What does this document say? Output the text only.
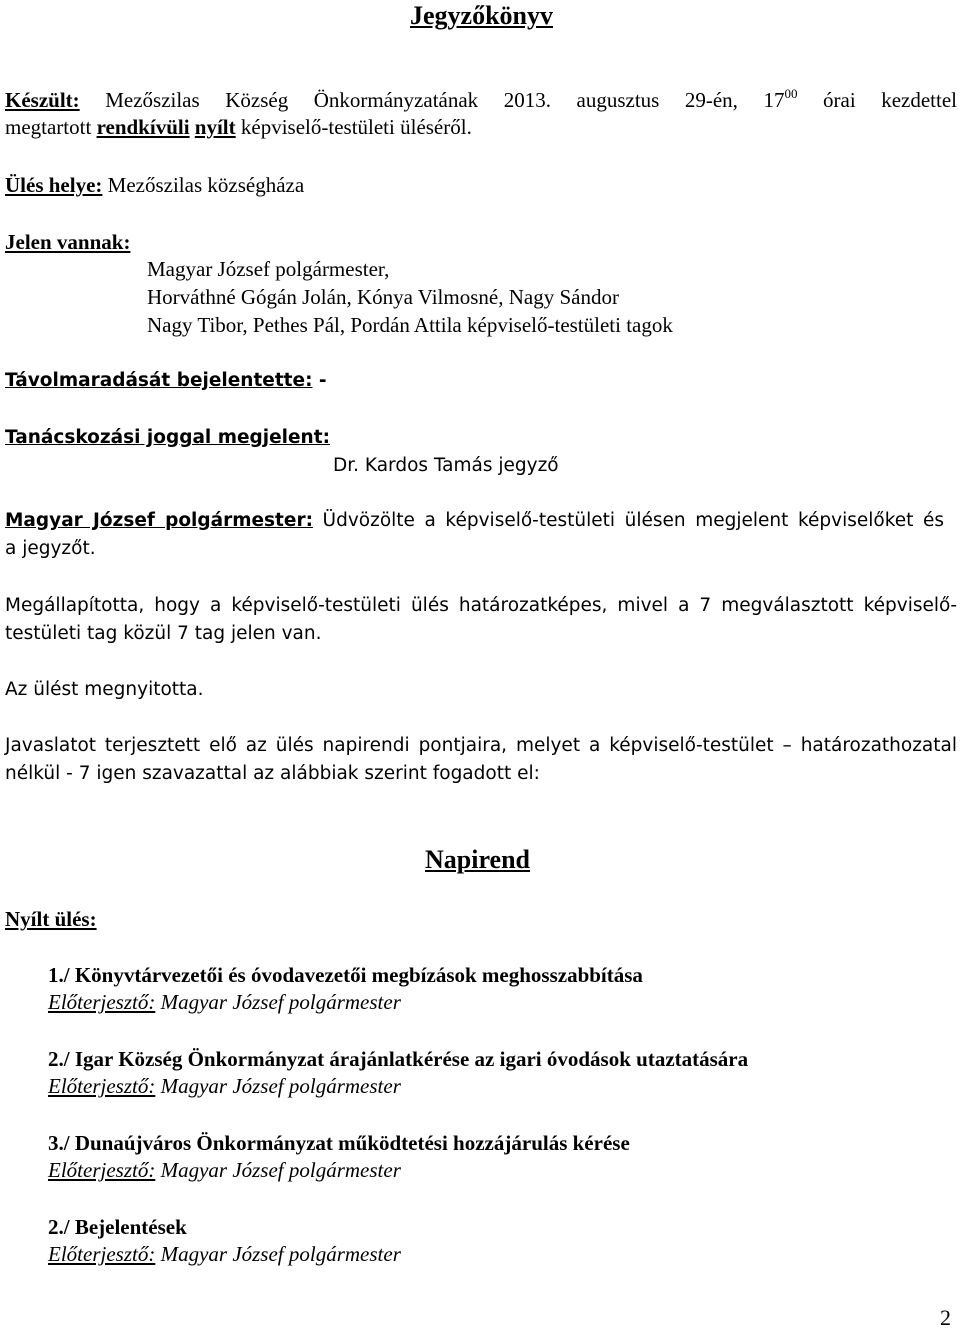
Jegyzőkönyv
Készült: Mezőszilas Község Önkormányzatának 2013. augusztus 29-én, $17^{00}$ órai kezdettel
megtartott rendkívüli nyílt képviselő-testületi üléséről.
Ülés helye: Mezőszilas községháza
Jelen vannak:
Magyar József polgármester,
Horváthné Gógán Jolán, Kónya Vilmosné, Nagy Sándor
Nagy Tibor, Pethes Pál, Pordán Attila képviselő-testületi tagok
Távolmaradását bejelentette: -
Tanácskozási joggal megjelent:
Dr. Kardos Tamás jegyző
Magyar József polgármester: Üdvözölte a képviselő-testületi ülésen megjelent képviselőket és
a jegyzőt.
Megállapította, hogy a képviselő-testületi ülés határozatképes, mivel a 7 megválasztott képviselő-
testületi tag közül 7 tag jelen van.
Az ülést megnyitotta.
Javaslatot terjesztett elő az ülés napirendi pontjaira, melyet a képviselő-testület – határozathozatal
nélkül - 7 igen szavazattal az alábbiak szerint fogadott el:
Napirend
Nyílt ülés:
1./ Könyvtárvezetői és óvodavezetői megbízások meghosszabbítása
Előterjesztő: Magyar József polgármester
2./ Igar Község Önkormányzat árajánlatkérése az igari óvodások utaztatására
Előterjesztő: Magyar József polgármester
3./ Dunaújváros Önkormányzat működtetési hozzájárulás kérése
Előterjesztő: Magyar József polgármester
2./ Bejelentések
Előterjesztő: Magyar József polgármester
2
